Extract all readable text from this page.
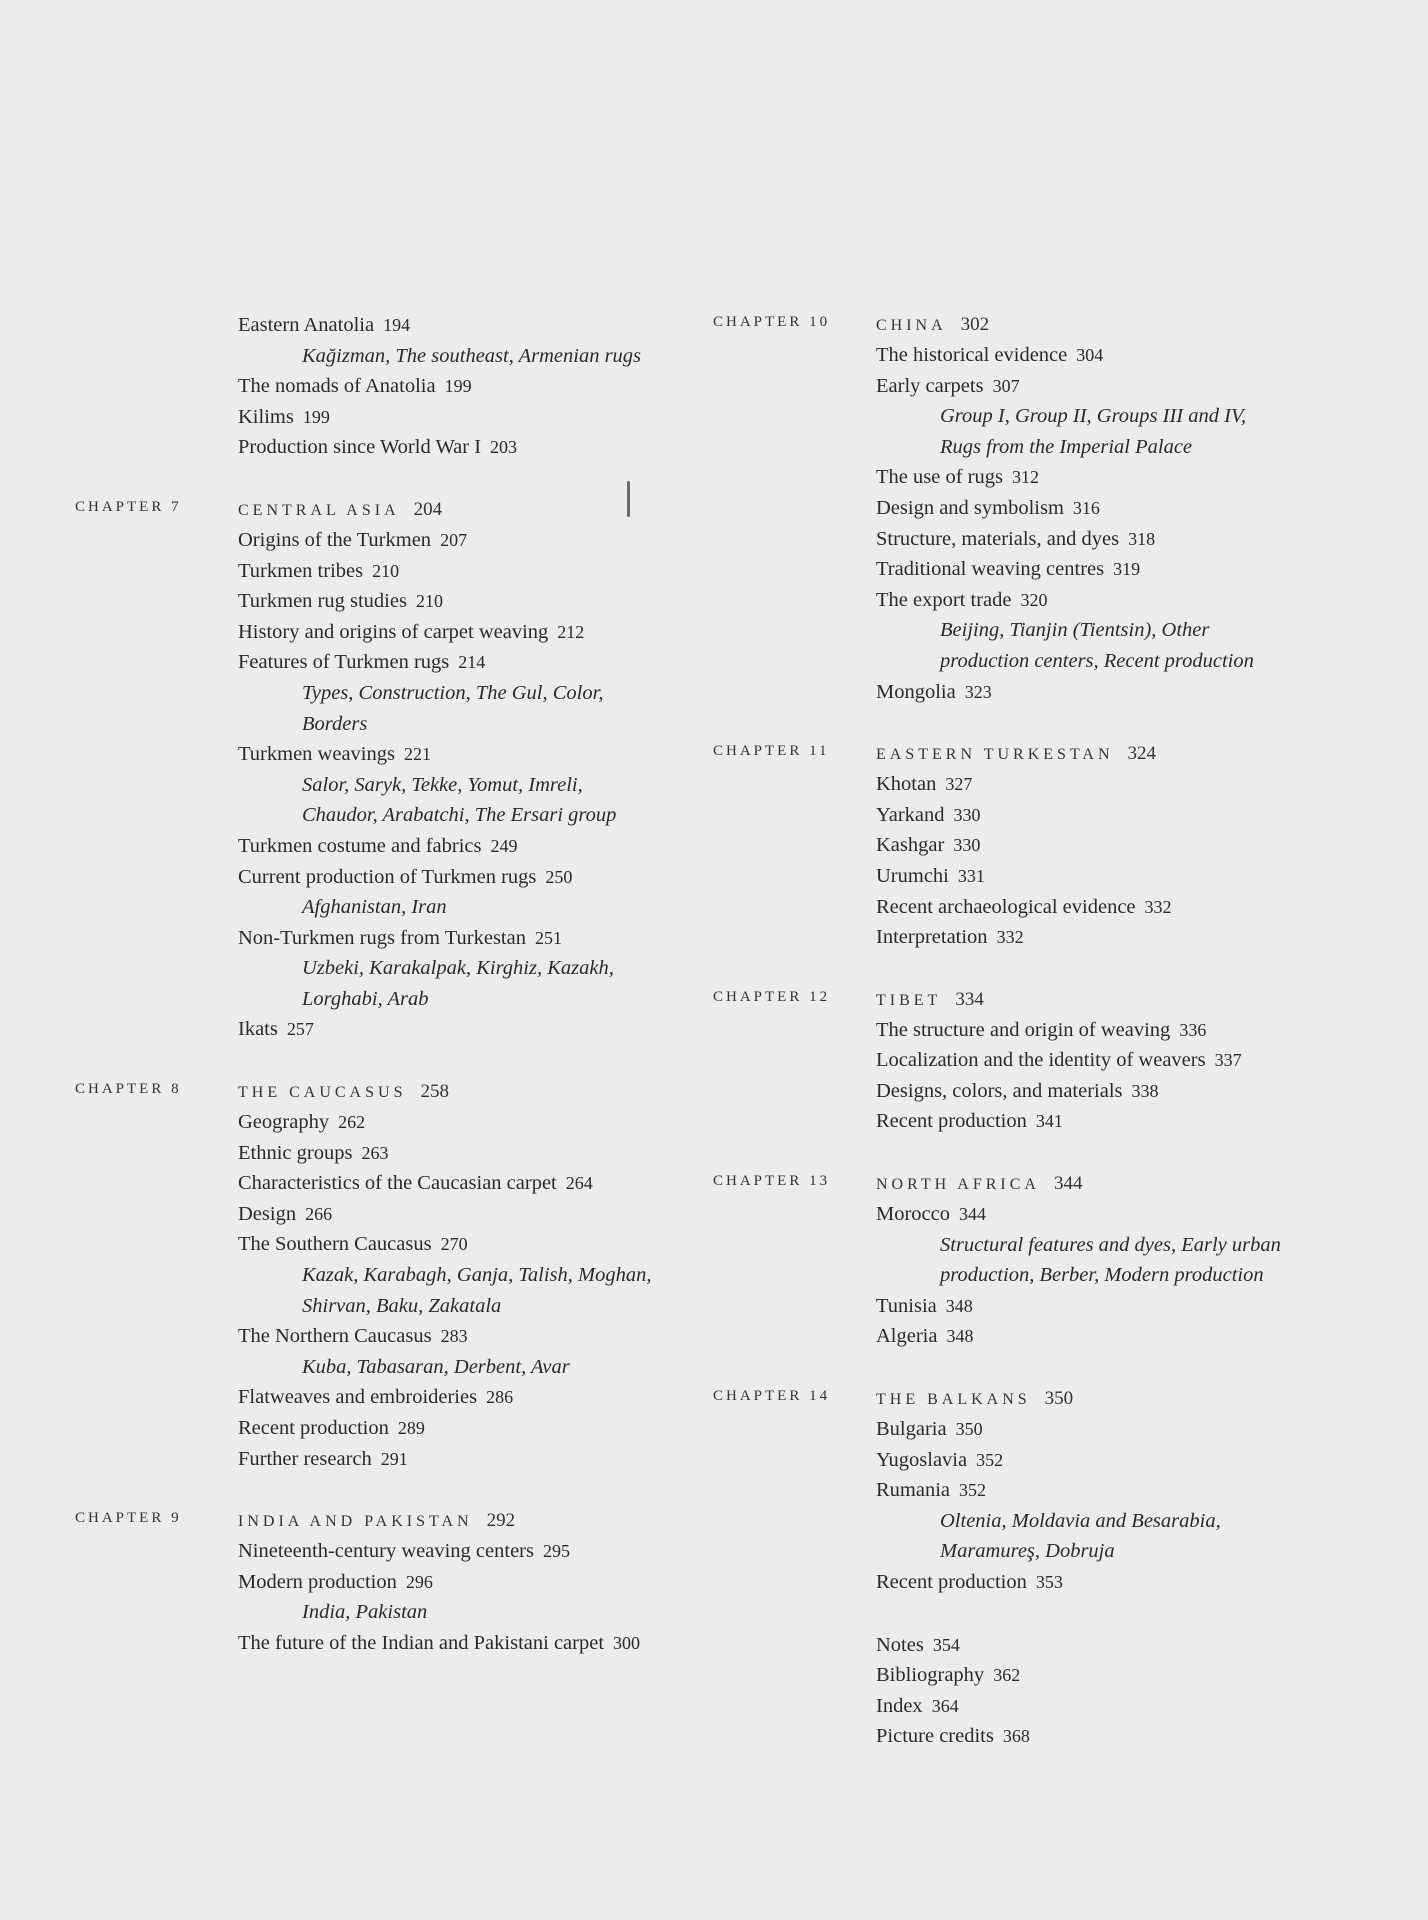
Eastern Anatolia 194
Kağizman, The southeast, Armenian rugs
The nomads of Anatolia 199
Kilims 199
Production since World War I 203
CHAPTER 7	CENTRAL ASIA 204
Origins of the Turkmen 207
Turkmen tribes 210
Turkmen rug studies 210
History and origins of carpet weaving 212
Features of Turkmen rugs 214
Types, Construction, The Gul, Color,
Borders
Turkmen weavings 221
Salor, Saryk, Tekke, Yomut, Imreli,
Chaudor, Arabatchi, The Ersari group
Turkmen costume and fabrics 249
Current production of Turkmen rugs 250
Afghanistan, Iran
Non-Turkmen rugs from Turkestan 251
Uzbeki, Karakalpak, Kirghiz, Kazakh,
Lorghabi, Arab
Ikats 257
CHAPTER 8	THE CAUCASUS 258
Geography 262
Ethnic groups 263
Characteristics of the Caucasian carpet 264
Design 266
The Southern Caucasus 270
Kazak, Karabagh, Ganja, Talish, Moghan,
Shirvan, Baku, Zakatala
The Northern Caucasus 283
Kuba, Tabasaran, Derbent, Avar
Flatweaves and embroideries 286
Recent production 289
Further research 291
CHAPTER 9	INDIA AND PAKISTAN 292
Nineteenth-century weaving centers 295
Modern production 296
India, Pakistan
The future of the Indian and Pakistani carpet 300
CHAPTER 10	CHINA 302
The historical evidence 304
Early carpets 307
Group I, Group II, Groups III and IV,
Rugs from the Imperial Palace
The use of rugs 312
Design and symbolism 316
Structure, materials, and dyes 318
Traditional weaving centres 319
The export trade 320
Beijing, Tianjin (Tientsin), Other
production centers, Recent production
Mongolia 323
CHAPTER 11	EASTERN TURKESTAN 324
Khotan 327
Yarkand 330
Kashgar 330
Urumchi 331
Recent archaeological evidence 332
Interpretation 332
CHAPTER 12	TIBET 334
The structure and origin of weaving 336
Localization and the identity of weavers 337
Designs, colors, and materials 338
Recent production 341
CHAPTER 13	NORTH AFRICA 344
Morocco 344
Structural features and dyes, Early urban
production, Berber, Modern production
Tunisia 348
Algeria 348
CHAPTER 14	THE BALKANS 350
Bulgaria 350
Yugoslavia 352
Rumania 352
Oltenia, Moldavia and Besarabia,
Maramureş, Dobruja
Recent production 353
Notes 354
Bibliography 362
Index 364
Picture credits 368
